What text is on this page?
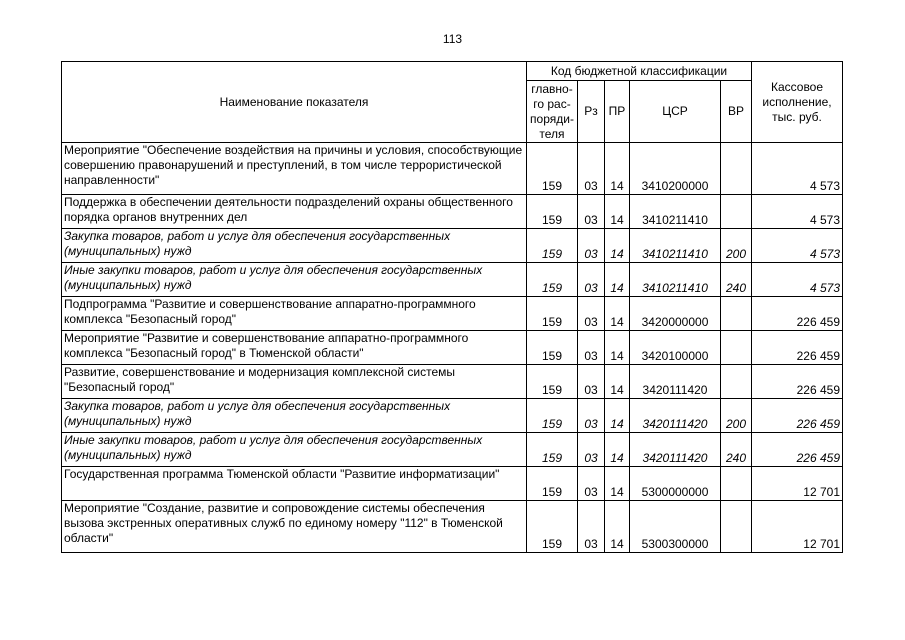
113
Наименование показателя	Код бюджетной классификации					Кассовое исполнение, тыс. руб.
	главно-го рас-поряди-теля	Рз	ПР	ЦСР	ВР	
Мероприятие "Обеспечение воздействия на причины и условия, способствующие совершению правонарушений и преступлений, в том числе террористической направленности"	159	03	14	3410200000		4 573
Поддержка в обеспечении деятельности подразделений охраны общественного порядка органов внутренних дел	159	03	14	3410211410		4 573
Закупка товаров, работ и услуг для обеспечения государственных (муниципальных) нужд	159	03	14	3410211410	200	4 573
Иные закупки товаров, работ и услуг для обеспечения государственных (муниципальных) нужд	159	03	14	3410211410	240	4 573
Подпрограмма "Развитие и совершенствование аппаратно-программного комплекса "Безопасный город"	159	03	14	3420000000		226 459
Мероприятие "Развитие и совершенствование аппаратно-программного комплекса "Безопасный город" в Тюменской области"	159	03	14	3420100000		226 459
Развитие, совершенствование и модернизация комплексной системы "Безопасный город"	159	03	14	3420111420		226 459
Закупка товаров, работ и услуг для обеспечения государственных (муниципальных) нужд	159	03	14	3420111420	200	226 459
Иные закупки товаров, работ и услуг для обеспечения государственных (муниципальных) нужд	159	03	14	3420111420	240	226 459
Государственная программа Тюменской области "Развитие информатизации"	159	03	14	5300000000		12 701
Мероприятие "Создание, развитие и сопровождение системы обеспечения вызова экстренных оперативных служб по единому номеру "112" в Тюменской области"	159	03	14	5300300000		12 701
